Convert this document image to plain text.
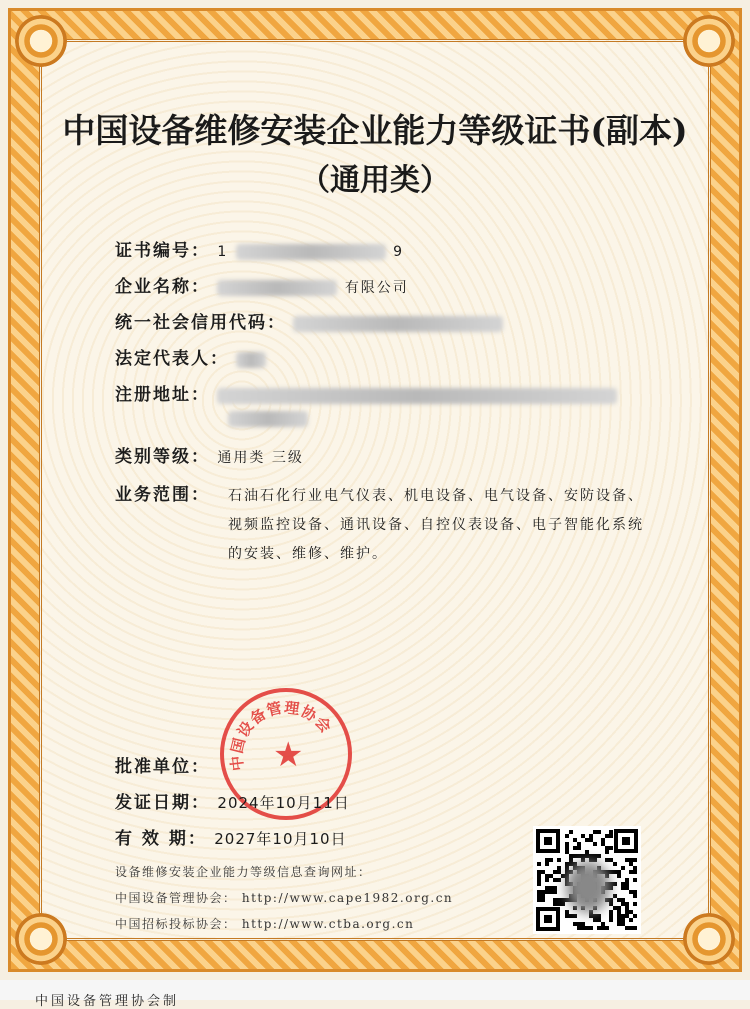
中国设备维修安装企业能力等级证书(副本)
（通用类）
证书编号： 1	9
企业名称：	有限公司
统一社会信用代码：
法定代表人：
注册地址：
类别等级： 通用类 三级
业务范围： 石油石化行业电气仪表、机电设备、电气设备、安防设备、视频监控设备、通讯设备、自控仪表设备、电子智能化系统的安装、维修、维护。
中国设备管理协会
★
批准单位：
发证日期： 2024年10月11日
有 效 期： 2027年10月10日
设备维修安装企业能力等级信息查询网址：
中国设备管理协会： http://www.cape1982.org.cn
中国招标投标协会： http://www.ctba.org.cn
中国设备管理协会制
